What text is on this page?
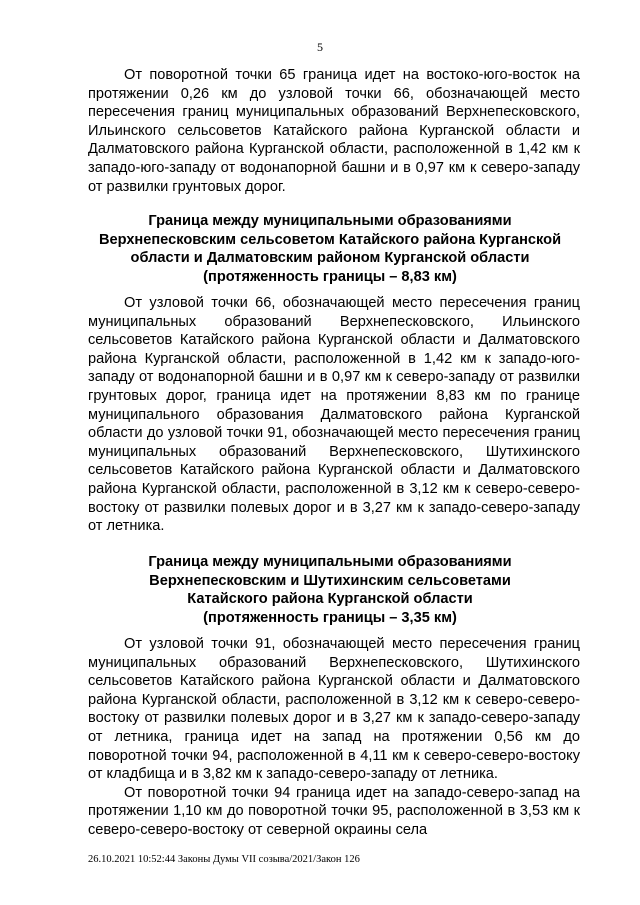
5

От поворотной точки 65 граница идет на востоко-юго-восток на протяжении 0,26 км до узловой точки 66, обозначающей место пересечения границ муниципальных образований Верхнепесковского, Ильинского сельсоветов Катайского района Курганской области и Далматовского района Курганской области, расположенной в 1,42 км к западо-юго-западу от водонапорной башни и в 0,97 км к северо-западу от развилки грунтовых дорог.

Граница между муниципальными образованиями
Верхнепесковским сельсоветом Катайского района Курганской
области и Далматовским районом Курганской области
(протяженность границы – 8,83 км)

От узловой точки 66, обозначающей место пересечения границ муниципальных образований Верхнепесковского, Ильинского сельсоветов Катайского района Курганской области и Далматовского района Курганской области, расположенной в 1,42 км к западо-юго-западу от водонапорной башни и в 0,97 км к северо-западу от развилки грунтовых дорог, граница идет на протяжении 8,83 км по границе муниципального образования Далматовского района Курганской области до узловой точки 91, обозначающей место пересечения границ муниципальных образований Верхнепесковского, Шутихинского сельсоветов Катайского района Курганской области и Далматовского района Курганской области, расположенной в 3,12 км к северо-северо-востоку от развилки полевых дорог и в 3,27 км к западо-северо-западу от летника.

Граница между муниципальными образованиями
Верхнепесковским и Шутихинским сельсоветами
Катайского района Курганской области
(протяженность границы – 3,35 км)

От узловой точки 91, обозначающей место пересечения границ муниципальных образований Верхнепесковского, Шутихинского сельсоветов Катайского района Курганской области и Далматовского района Курганской области, расположенной в 3,12 км к северо-северо-востоку от развилки полевых дорог и в 3,27 км к западо-северо-западу от летника, граница идет на запад на протяжении 0,56 км до поворотной точки 94, расположенной в 4,11 км к северо-северо-востоку от кладбища и в 3,82 км к западо-северо-западу от летника.

От поворотной точки 94 граница идет на западо-северо-запад на протяжении 1,10 км до поворотной точки 95, расположенной в 3,53 км к северо-северо-востоку от северной окраины села

26.10.2021 10:52:44 Законы Думы VII созыва/2021/Закон 126
